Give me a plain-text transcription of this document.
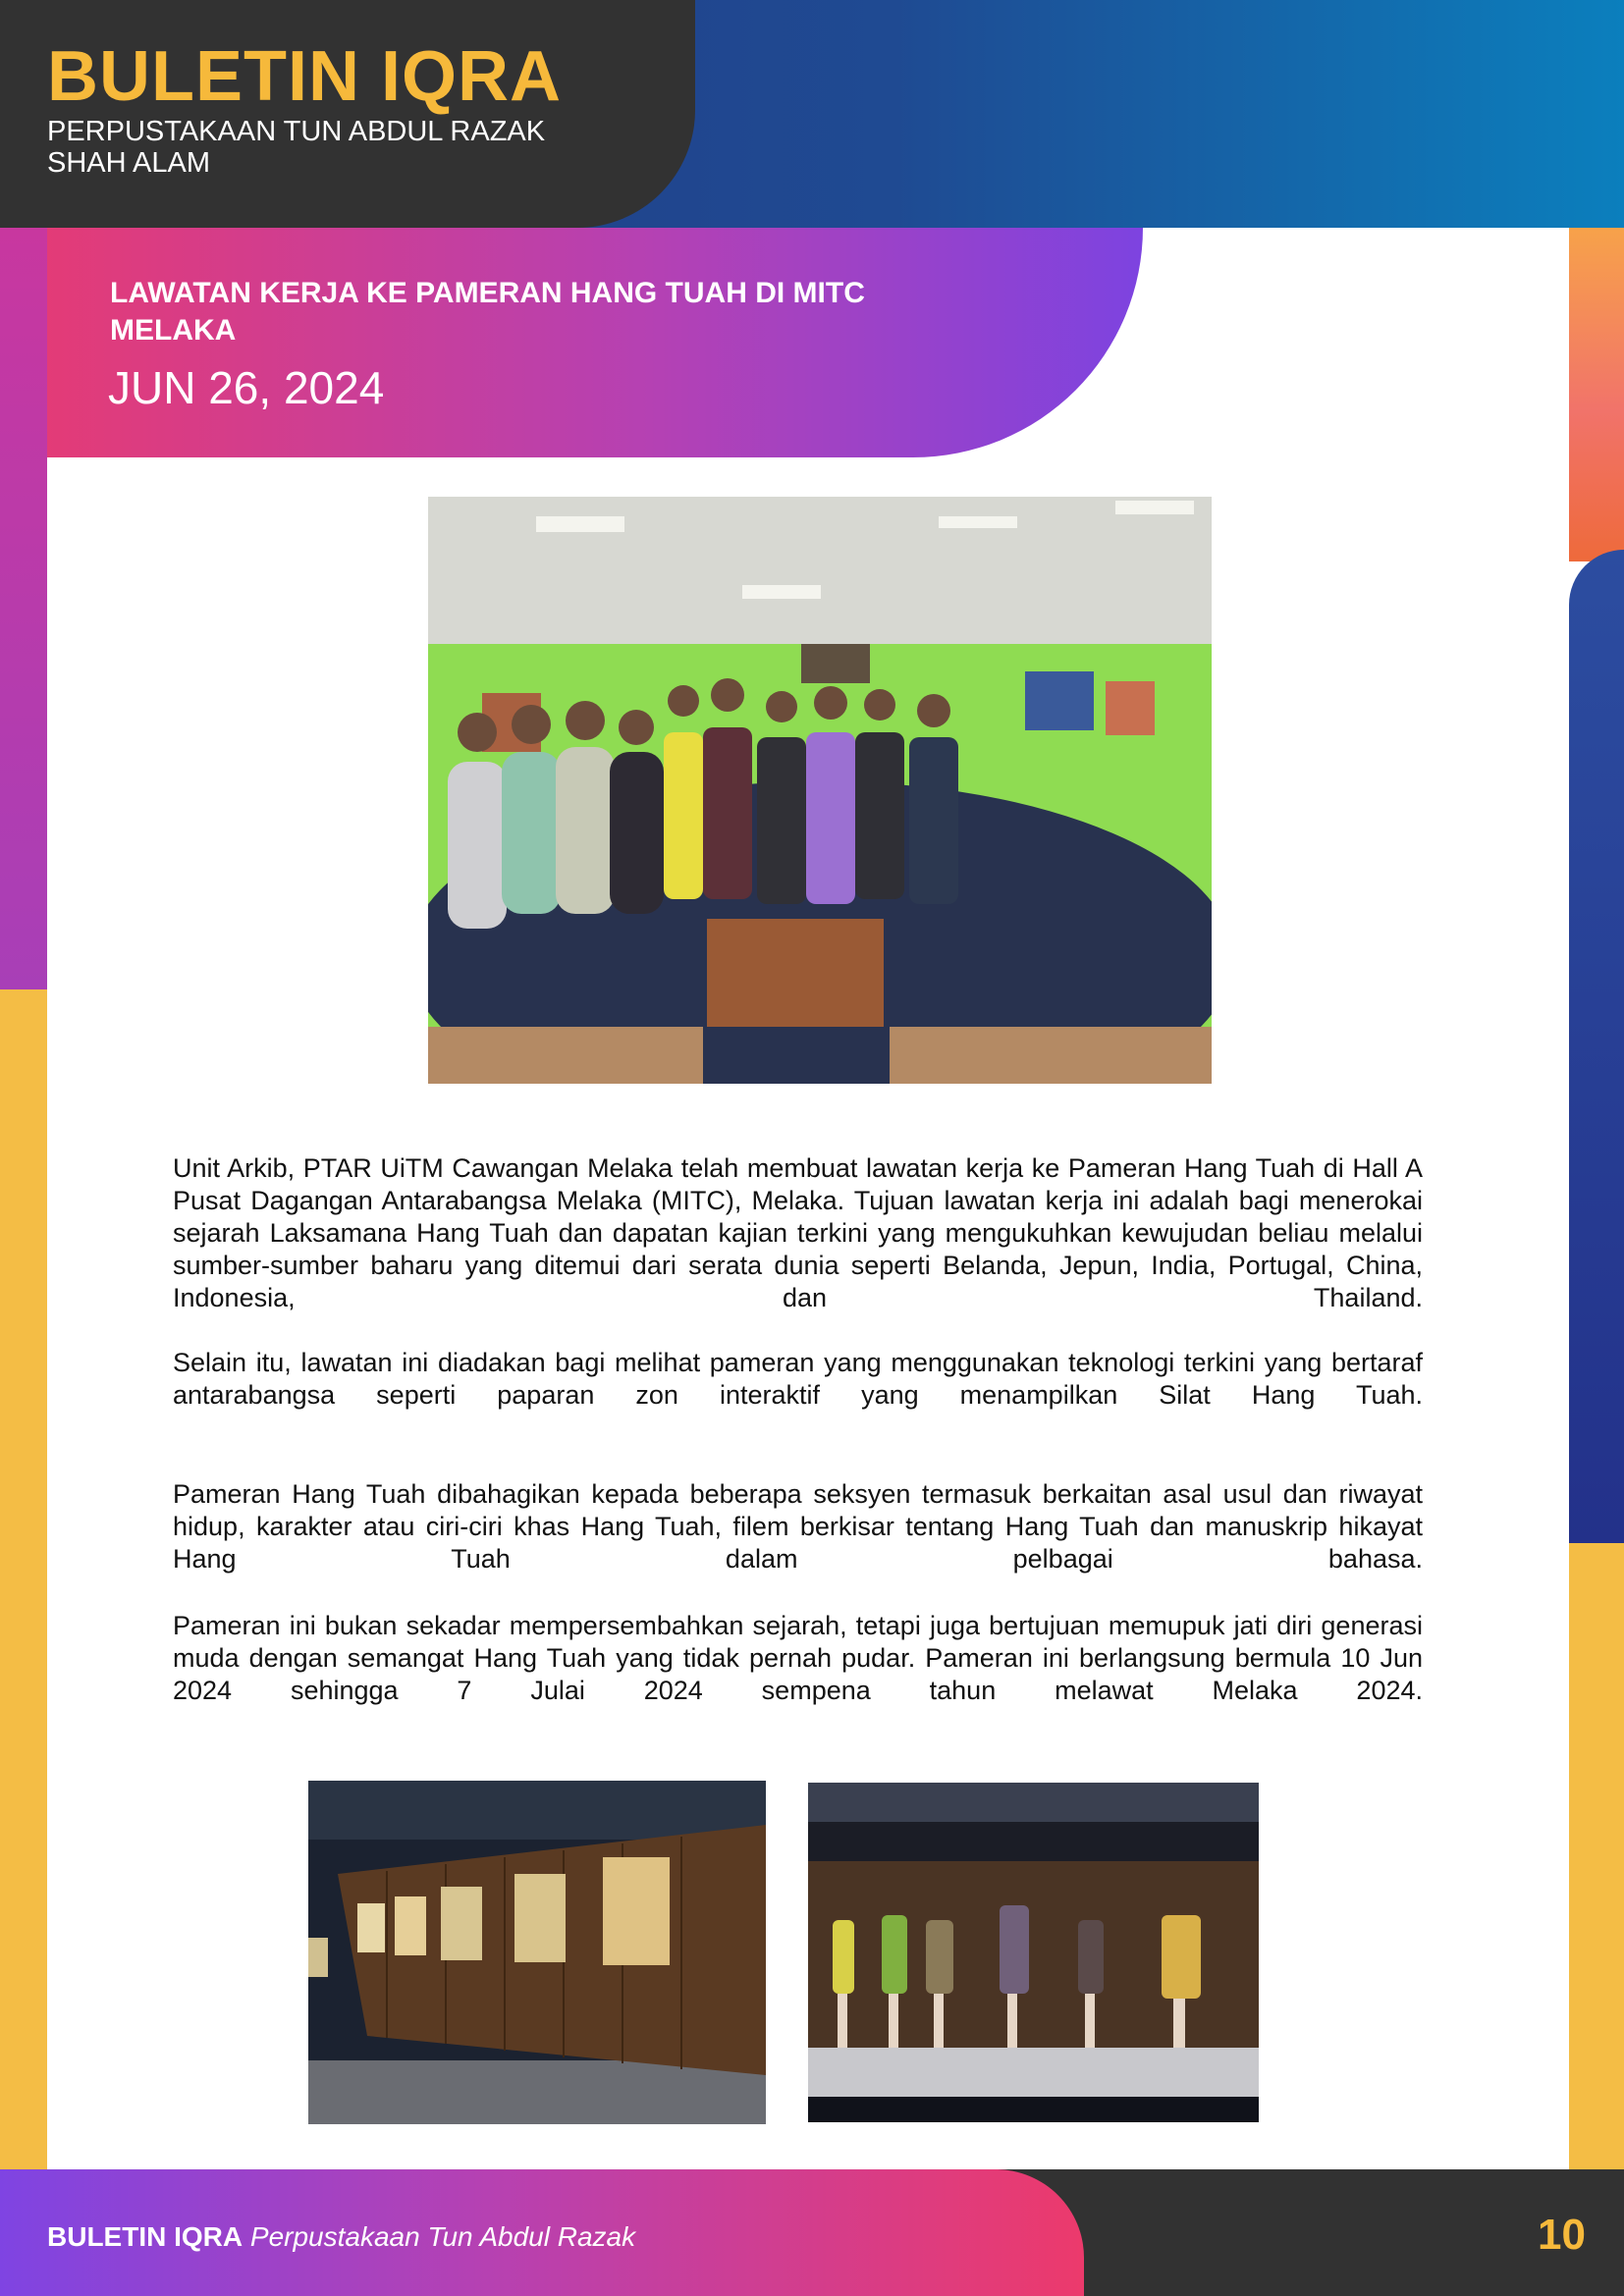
BULETIN IQRA
PERPUSTAKAAN TUN ABDUL RAZAK
SHAH ALAM
LAWATAN KERJA KE PAMERAN HANG TUAH DI MITC
MELAKA
JUN 26, 2024

Unit Arkib, PTAR UiTM Cawangan Melaka telah membuat lawatan kerja ke Pameran Hang Tuah di Hall A Pusat Dagangan Antarabangsa Melaka (MITC), Melaka. Tujuan lawatan kerja ini adalah bagi menerokai sejarah Laksamana Hang Tuah dan dapatan kajian terkini yang mengukuhkan kewujudan beliau melalui sumber-sumber baharu yang ditemui dari serata dunia seperti Belanda, Jepun, India, Portugal, China, Indonesia, dan Thailand.

Selain itu, lawatan ini diadakan bagi melihat pameran yang menggunakan teknologi terkini yang bertaraf antarabangsa seperti paparan zon interaktif yang menampilkan Silat Hang Tuah.

Pameran Hang Tuah dibahagikan kepada beberapa seksyen termasuk berkaitan asal usul dan riwayat hidup, karakter atau ciri-ciri khas Hang Tuah, filem berkisar tentang Hang Tuah dan manuskrip hikayat Hang Tuah dalam pelbagai bahasa.

Pameran ini bukan sekadar mempersembahkan sejarah, tetapi juga bertujuan memupuk jati diri generasi muda dengan semangat Hang Tuah yang tidak pernah pudar. Pameran ini berlangsung bermula 10 Jun 2024 sehingga 7 Julai 2024 sempena tahun melawat Melaka 2024.

BULETIN IQRA Perpustakaan Tun Abdul Razak	10
